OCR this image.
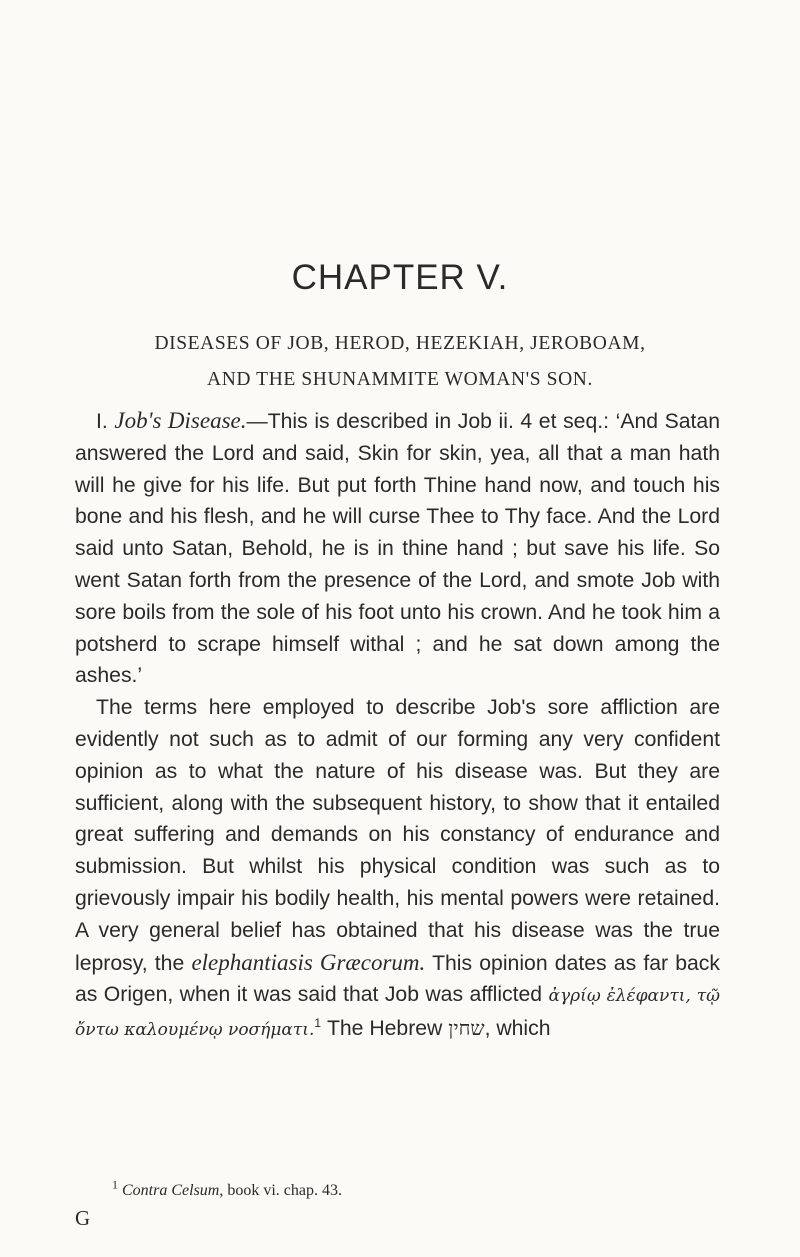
CHAPTER V.
DISEASES OF JOB, HEROD, HEZEKIAH, JEROBOAM,
AND THE SHUNAMMITE WOMAN'S SON.

I. Job's Disease.—This is described in Job ii. 4 et seq.: ‘And Satan answered the Lord and said, Skin for skin, yea, all that a man hath will he give for his life. But put forth Thine hand now, and touch his bone and his flesh, and he will curse Thee to Thy face. And the Lord said unto Satan, Behold, he is in thine hand ; but save his life. So went Satan forth from the presence of the Lord, and smote Job with sore boils from the sole of his foot unto his crown. And he took him a potsherd to scrape himself withal ; and he sat down among the ashes.’

The terms here employed to describe Job's sore affliction are evidently not such as to admit of our forming any very confident opinion as to what the nature of his disease was. But they are sufficient, along with the subsequent history, to show that it entailed great suffering and demands on his constancy of endurance and submission. But whilst his physical condition was such as to grievously impair his bodily health, his mental powers were retained. A very general belief has obtained that his disease was the true leprosy, the elephantiasis Græcorum. This opinion dates as far back as Origen, when it was said that Job was afflicted ἀγρίῳ ἐλέφαντι, τῷ ὄντω καλουμένῳ νοσήματι.$^1$ The Hebrew שחין, which

$^1$ Contra Celsum, book vi. chap. 43.
G
